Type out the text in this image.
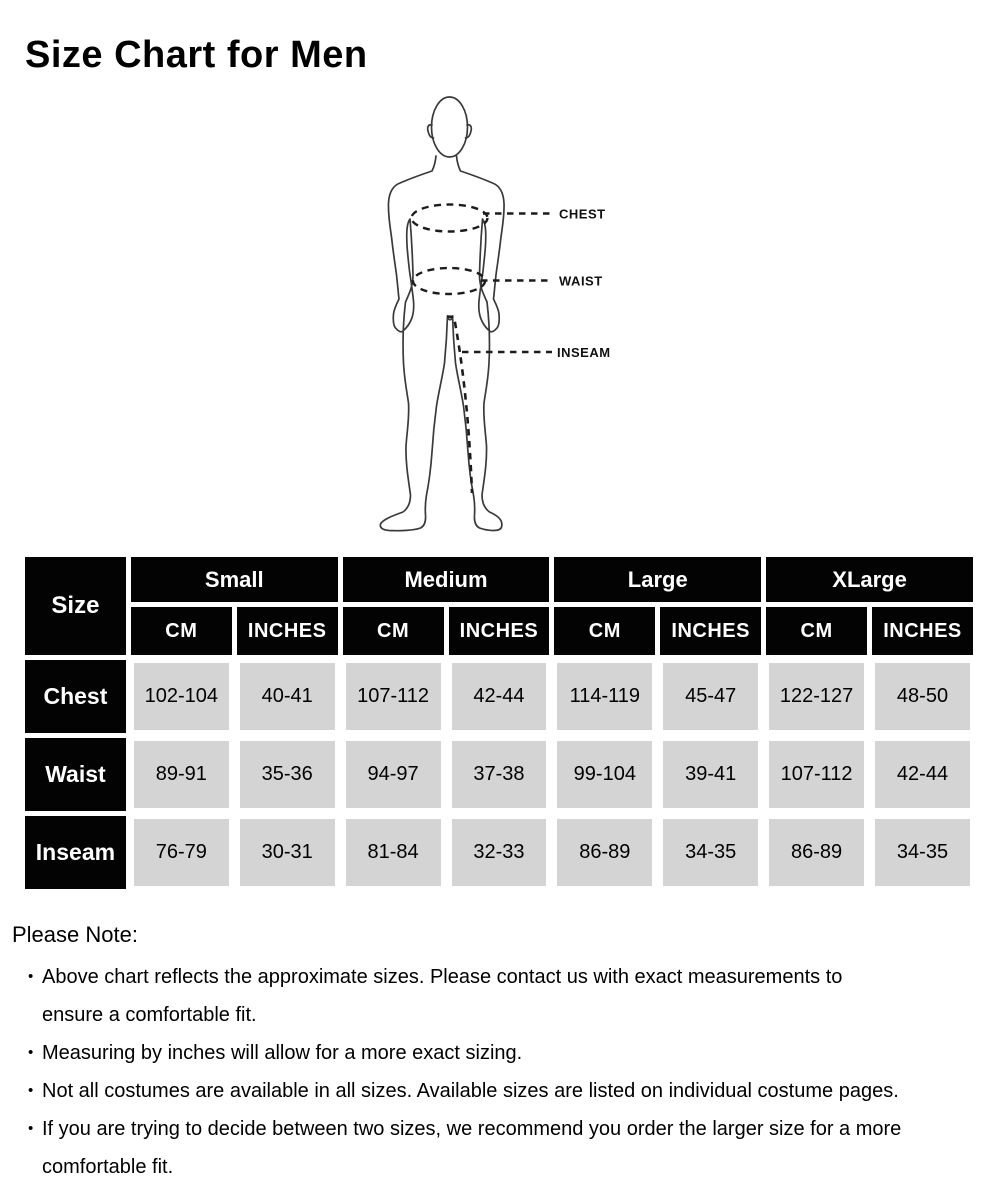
Size Chart for Men
CHEST
WAIST
INSEAM
Size	Small		Medium		Large		XLarge	
	CM	INCHES	CM	INCHES	CM	INCHES	CM	INCHES
Chest	102-104	40-41	107-112	42-44	114-119	45-47	122-127	48-50
Waist	89-91	35-36	94-97	37-38	99-104	39-41	107-112	42-44
Inseam	76-79	30-31	81-84	32-33	86-89	34-35	86-89	34-35

Please Note:

• Above chart reflects the approximate sizes. Please contact us with exact measurements to
ensure a comfortable fit.
• Measuring by inches will allow for a more exact sizing.
• Not all costumes are available in all sizes. Available sizes are listed on individual costume pages.
• If you are trying to decide between two sizes, we recommend you order the larger size for a more
comfortable fit.
